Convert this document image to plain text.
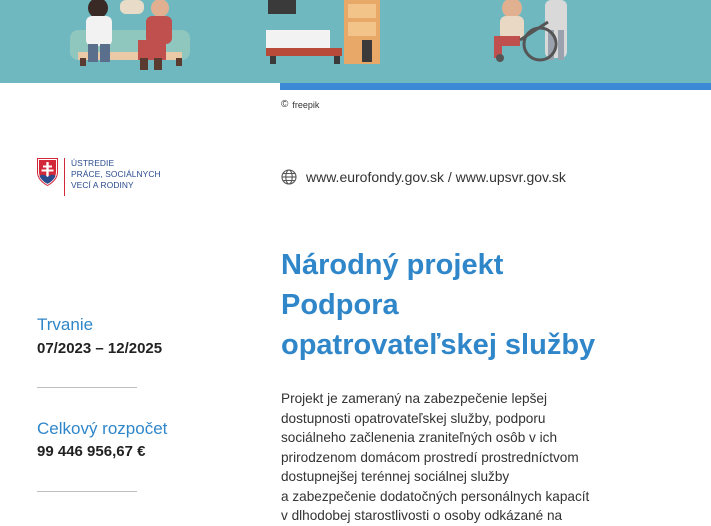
© freepik
ÚSTREDIE
PRÁCE, SOCIÁLNYCH
VECÍ A RODINY	www.eurofondy.gov.sk / www.upsvr.gov.sk
Národný projekt
Podpora
opatrovateľskej služby
Trvanie
07/2023 – 12/2025
Celkový rozpočet
99 446 956,67 €
Projekt je zameraný na zabezpečenie lepšej
dostupnosti opatrovateľskej služby, podporu
sociálneho začlenenia zraniteľných osôb v ich
prirodzenom domácom prostredí prostredníctvom
dostupnejšej terénnej sociálnej služby
a zabezpečenie dodatočných personálnych kapacít
v dlhodobej starostlivosti o osoby odkázané na
